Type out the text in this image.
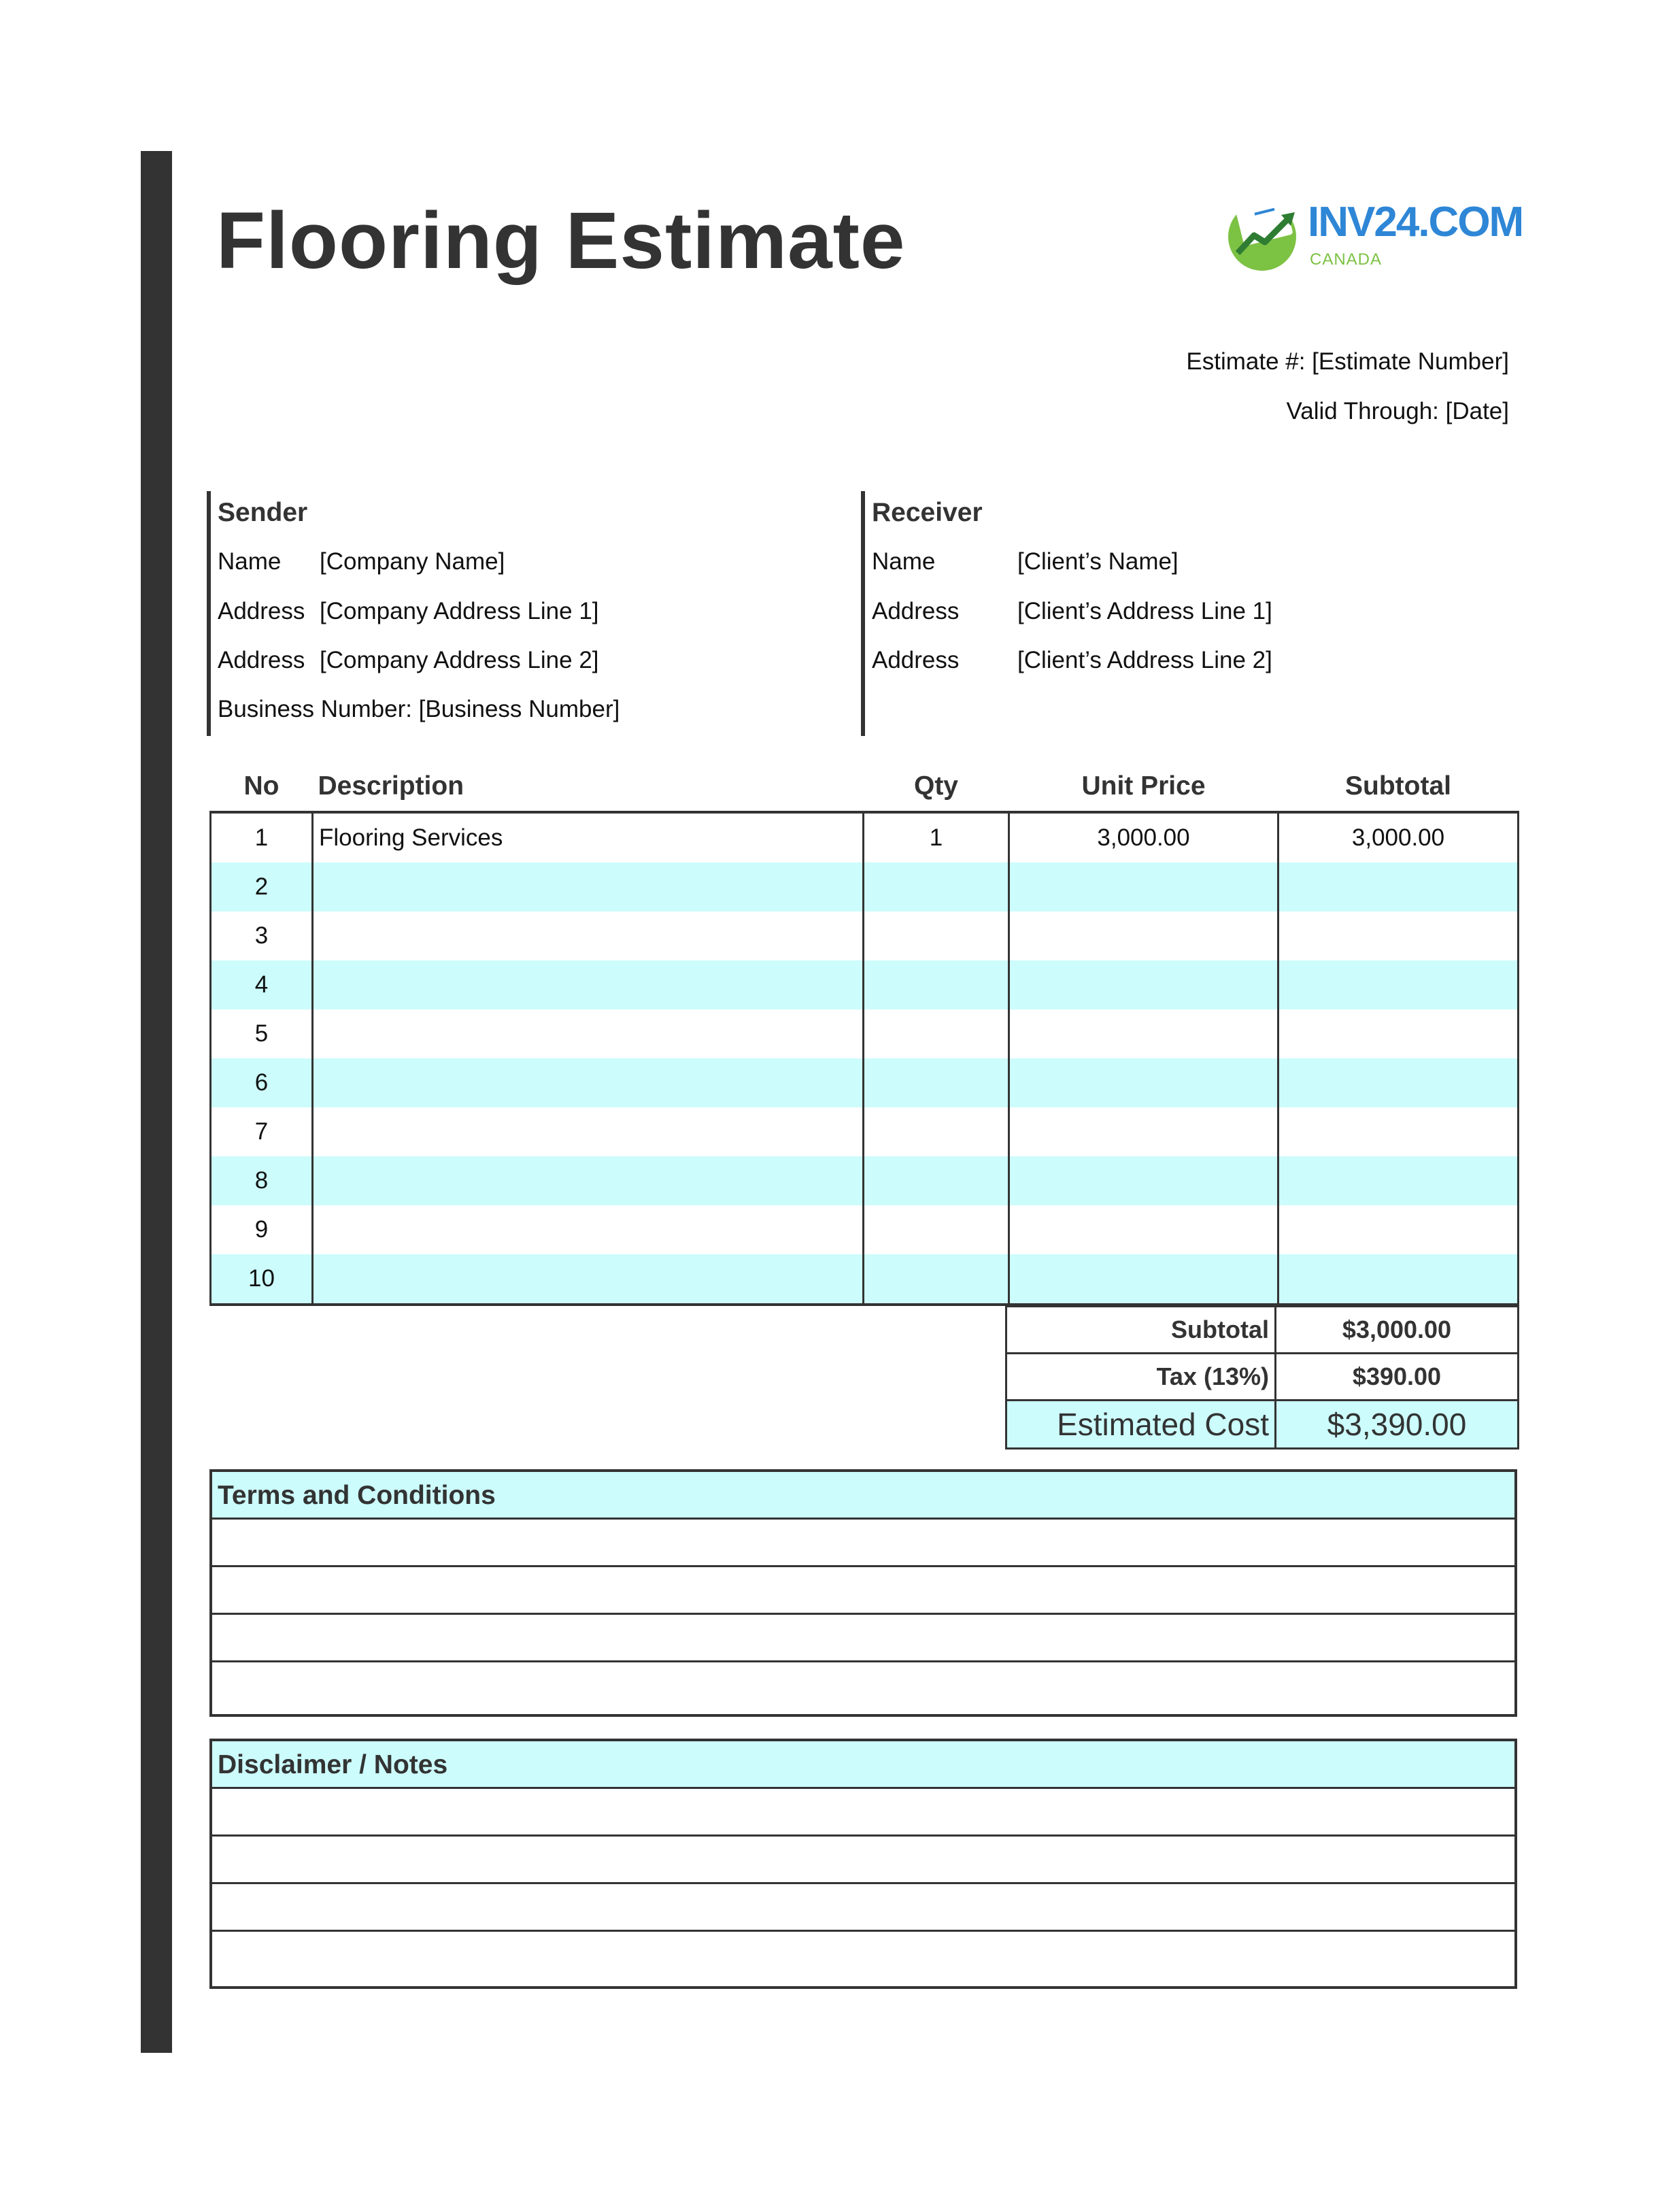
Flooring Estimate	INV24.COM
CANADA
Estimate #: [Estimate Number]
Valid Through: [Date]
Sender
Name [Company Name]
Address [Company Address Line 1]
Address [Company Address Line 2]
Business Number: [Business Number]
Receiver
Name	[Client’s Name]
Address [Client’s Address Line 1]
Address [Client’s Address Line 2]
No	Description	Qty	Unit Price	Subtotal
1	Flooring Services	1	3,000.00	3,000.00
2				
3				
4				
5				
6				
7				
8				
9				
10				
Subtotal	$3,000.00
Tax (13%)	$390.00
Estimated Cost	$3,390.00
Terms and Conditions
Disclaimer / Notes
